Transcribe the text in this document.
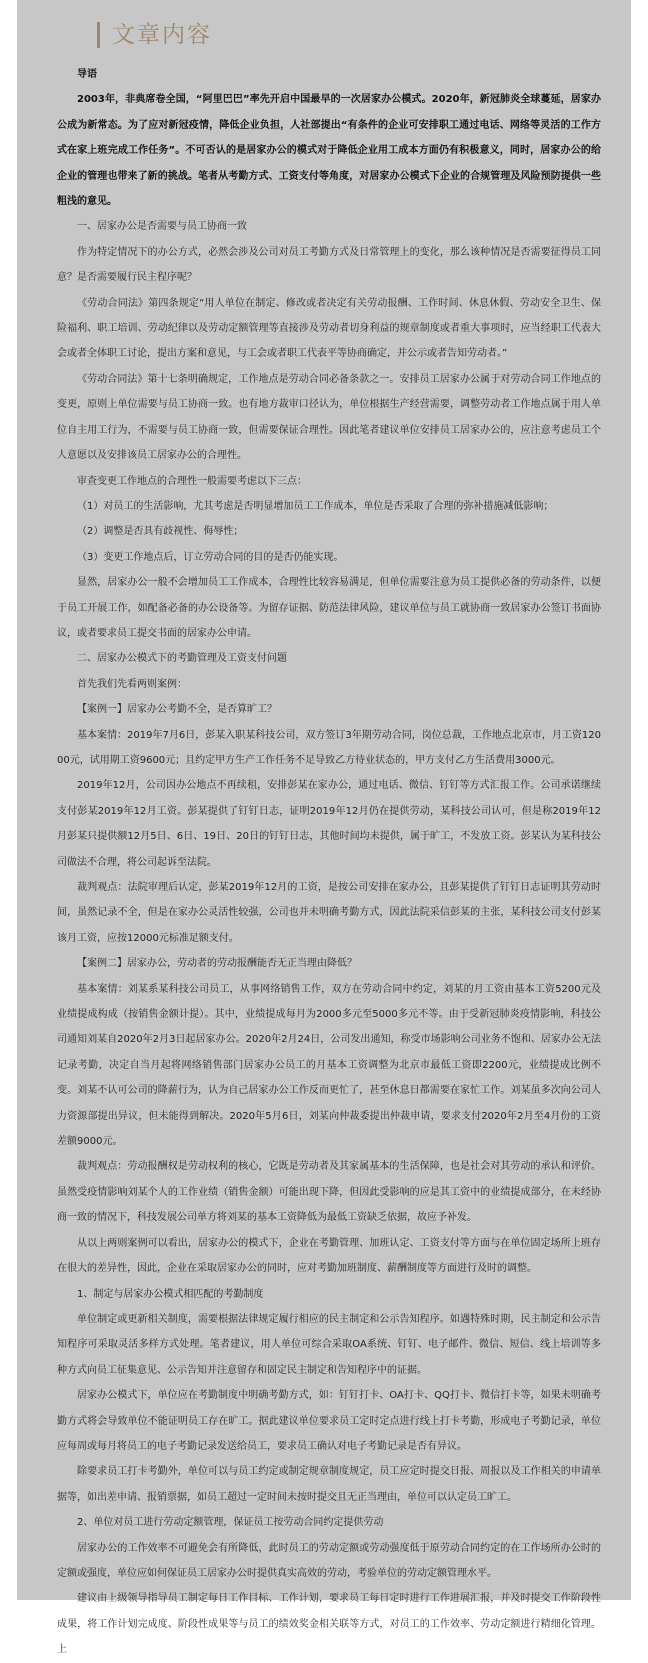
文章内容

导语

2003年，非典席卷全国，“阿里巴巴”率先开启中国最早的一次居家办公模式。2020年，新冠肺炎全球蔓延，居家办公成为新常态。为了应对新冠疫情，降低企业负担，人社部提出“有条件的企业可安排职工通过电话、网络等灵活的工作方式在家上班完成工作任务”。不可否认的是居家办公的模式对于降低企业用工成本方面仍有积极意义，同时，居家办公的给企业的管理也带来了新的挑战。笔者从考勤方式、工资支付等角度，对居家办公模式下企业的合规管理及风险预防提供一些粗浅的意见。

一、居家办公是否需要与员工协商一致

作为特定情况下的办公方式，必然会涉及公司对员工考勤方式及日常管理上的变化，那么该种情况是否需要征得员工同意？是否需要履行民主程序呢？

《劳动合同法》第四条规定“用人单位在制定、修改或者决定有关劳动报酬、工作时间、休息休假、劳动安全卫生、保险福利、职工培训、劳动纪律以及劳动定额管理等直接涉及劳动者切身利益的规章制度或者重大事项时，应当经职工代表大会或者全体职工讨论，提出方案和意见，与工会或者职工代表平等协商确定，并公示或者告知劳动者。”

《劳动合同法》第十七条明确规定，工作地点是劳动合同必备条款之一。安排员工居家办公属于对劳动合同工作地点的变更，原则上单位需要与员工协商一致。也有地方裁审口径认为，单位根据生产经营需要，调整劳动者工作地点属于用人单位自主用工行为，不需要与员工协商一致，但需要保证合理性。因此笔者建议单位安排员工居家办公的，应注意考虑员工个人意愿以及安排该员工居家办公的合理性。

审查变更工作地点的合理性一般需要考虑以下三点：

（1）对员工的生活影响，尤其考虑是否明显增加员工工作成本，单位是否采取了合理的弥补措施减低影响；

（2）调整是否具有歧视性、侮辱性；

（3）变更工作地点后，订立劳动合同的目的是否仍能实现。

显然，居家办公一般不会增加员工工作成本，合理性比较容易满足，但单位需要注意为员工提供必备的劳动条件，以便于员工开展工作，如配备必备的办公设备等。为留存证据、防范法律风险，建议单位与员工就协商一致居家办公签订书面协议，或者要求员工提交书面的居家办公申请。

二、居家办公模式下的考勤管理及工资支付问题

首先我们先看两则案例：

【案例一】居家办公考勤不全，是否算旷工？

基本案情：2019年7月6日，彭某入职某科技公司，双方签订3年期劳动合同，岗位总裁，工作地点北京市，月工资12000元，试用期工资9600元；且约定甲方生产工作任务不足导致乙方待业状态的，甲方支付乙方生活费用3000元。

2019年12月，公司因办公地点不再续租，安排彭某在家办公，通过电话、微信、钉钉等方式汇报工作。公司承诺继续支付彭某2019年12月工资。彭某提供了钉钉日志，证明2019年12月仍在提供劳动，某科技公司认可，但是称2019年12月彭某只提供额12月5日、6日、19日、20日的钉钉日志，其他时间均未提供，属于旷工，不发放工资。彭某认为某科技公司做法不合理，将公司起诉至法院。

裁判观点：法院审理后认定，彭某2019年12月的工资，是按公司安排在家办公，且彭某提供了钉钉日志证明其劳动时间，虽然记录不全，但是在家办公灵活性较强，公司也并未明确考勤方式，因此法院采信彭某的主张，某科技公司支付彭某该月工资，应按12000元标准足额支付。

【案例二】居家办公，劳动者的劳动报酬能否无正当理由降低？

基本案情：刘某系某科技公司员工，从事网络销售工作，双方在劳动合同中约定，刘某的月工资由基本工资5200元及业绩提成构成（按销售金额计提）。其中，业绩提成每月为2000多元至5000多元不等。由于受新冠肺炎疫情影响，科技公司通知刘某自2020年2月3日起居家办公。2020年2月24日，公司发出通知，称受市场影响公司业务不饱和、居家办公无法记录考勤，决定自当月起将网络销售部门居家办公员工的月基本工资调整为北京市最低工资即2200元，业绩提成比例不变。刘某不认可公司的降薪行为，认为自己居家办公工作反而更忙了，甚至休息日都需要在家忙工作。刘某虽多次向公司人力资源部提出异议，但未能得到解决。2020年5月6日，刘某向仲裁委提出仲裁申请，要求支付2020年2月至4月份的工资差额9000元。

裁判观点：劳动报酬权是劳动权利的核心，它既是劳动者及其家属基本的生活保障，也是社会对其劳动的承认和评价。虽然受疫情影响刘某个人的工作业绩（销售金额）可能出现下降，但因此受影响的应是其工资中的业绩提成部分，在未经协商一致的情况下，科技发展公司单方将刘某的基本工资降低为最低工资缺乏依据，故应予补发。

从以上两则案例可以看出，居家办公的模式下，企业在考勤管理、加班认定、工资支付等方面与在单位固定场所上班存在很大的差异性，因此，企业在采取居家办公的同时，应对考勤加班制度、薪酬制度等方面进行及时的调整。

1、制定与居家办公模式相匹配的考勤制度

单位制定或更新相关制度，需要根据法律规定履行相应的民主制定和公示告知程序。如遇特殊时期，民主制定和公示告知程序可采取灵活多样方式处理。笔者建议，用人单位可综合采取OA系统、钉钉、电子邮件、微信、短信、线上培训等多种方式向员工征集意见、公示告知并注意留存和固定民主制定和告知程序中的证据。

居家办公模式下，单位应在考勤制度中明确考勤方式，如：钉钉打卡、OA打卡、QQ打卡、微信打卡等，如果未明确考勤方式将会导致单位不能证明员工存在旷工。据此建议单位要求员工定时定点进行线上打卡考勤，形成电子考勤记录，单位应每周或每月将员工的电子考勤记录发送给员工，要求员工确认对电子考勤记录是否有异议。

除要求员工打卡考勤外，单位可以与员工约定或制定规章制度规定，员工应定时提交日报、周报以及工作相关的申请单据等，如出差申请、报销票据，如员工超过一定时间未按时提交且无正当理由，单位可以认定员工旷工。

2、单位对员工进行劳动定额管理，保证员工按劳动合同约定提供劳动

居家办公的工作效率不可避免会有所降低，此时员工的劳动定额或劳动强度低于原劳动合同约定的在工作场所办公时的定额或强度，单位应如何保证员工居家办公时提供真实高效的劳动，考验单位的劳动定额管理水平。

建议由上级领导指导员工制定每日工作目标、工作计划，要求员工每日定时进行工作进展汇报，并及时提交工作阶段性成果，将工作计划完成度、阶段性成果等与员工的绩效奖金相关联等方式，对员工的工作效率、劳动定额进行精细化管理。上
